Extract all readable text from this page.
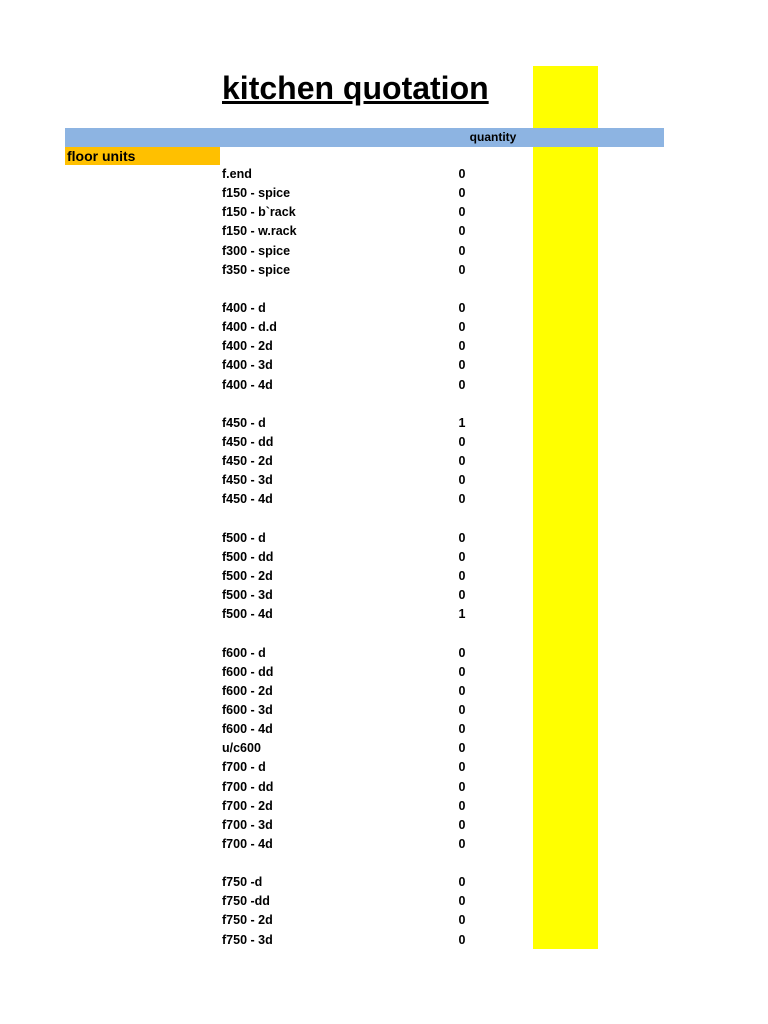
kitchen quotation
quantity
floor units
f.end	0
f150 - spice	0
f150 - b`rack	0
f150 - w.rack	0
f300 - spice	0
f350 - spice	0
f400 - d	0
f400 - d.d	0
f400 - 2d	0
f400 - 3d	0
f400 - 4d	0
f450 - d	1
f450 - dd	0
f450 - 2d	0
f450 - 3d	0
f450 - 4d	0
f500 - d	0
f500 - dd	0
f500 - 2d	0
f500 - 3d	0
f500 - 4d	1
f600 - d	0
f600 - dd	0
f600 - 2d	0
f600 - 3d	0
f600 - 4d	0
u/c600	0
f700 - d	0
f700 - dd	0
f700 - 2d	0
f700 - 3d	0
f700 - 4d	0
f750 -d	0
f750 -dd	0
f750 - 2d	0
f750 - 3d	0
